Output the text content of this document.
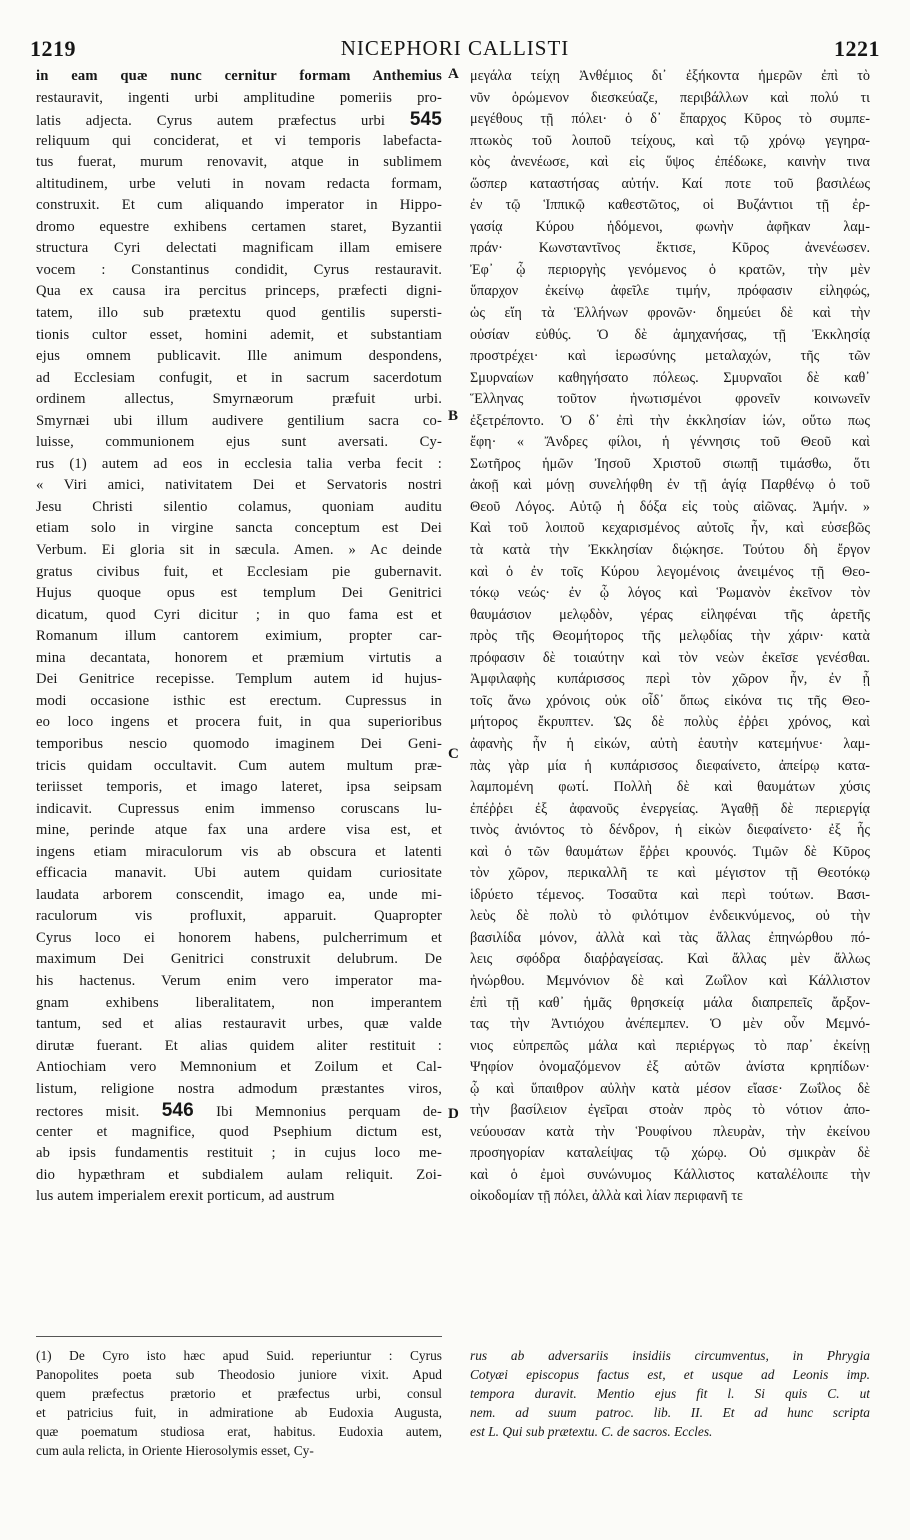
1219	NICEPHORI CALLISTI	1221
in eam quæ nunc cernitur formam Anthemius
restauravit, ingenti urbi amplitudine pomeriis pro-
latis adjecta. Cyrus autem præfectus urbi 545
reliquum qui conciderat, et vi temporis labefacta-
tus fuerat, murum renovavit, atque in sublimem
altitudinem, urbe veluti in novam redacta formam,
construxit. Et cum aliquando imperator in Hippo-
dromo equestre exhibens certamen staret, Byzantii
structura Cyri delectati magnificam illam emisere
vocem : Constantinus condidit, Cyrus restauravit.
Qua ex causa ira percitus princeps, præfecti digni-
tatem, illo sub prætextu quod gentilis supersti-
tionis cultor esset, homini ademit, et substantiam
ejus omnem publicavit. Ille animum despondens,
ad Ecclesiam confugit, et in sacrum sacerdotum
ordinem allectus, Smyrnæorum præfuit urbi.
Smyrnæi ubi illum audivere gentilium sacra co-
luisse, communionem ejus sunt aversati. Cy-
rus (1) autem ad eos in ecclesia talia verba fecit :
« Viri amici, nativitatem Dei et Servatoris nostri
Jesu Christi silentio colamus, quoniam auditu
etiam solo in virgine sancta conceptum est Dei
Verbum. Ei gloria sit in sæcula. Amen. » Ac deinde
gratus civibus fuit, et Ecclesiam pie gubernavit.
Hujus quoque opus est templum Dei Genitrici
dicatum, quod Cyri dicitur ; in quo fama est et
Romanum illum cantorem eximium, propter car-
mina decantata, honorem et præmium virtutis a
Dei Genitrice recepisse. Templum autem id hujus-
modi occasione isthic est erectum. Cupressus in
eo loco ingens et procera fuit, in qua superioribus
temporibus nescio quomodo imaginem Dei Geni-
tricis quidam occultavit. Cum autem multum præ-
teriisset temporis, et imago lateret, ipsa seipsam
indicavit. Cupressus enim immenso coruscans lu-
mine, perinde atque fax una ardere visa est, et
ingens etiam miraculorum vis ab obscura et latenti
efficacia manavit. Ubi autem quidam curiositate
laudata arborem conscendit, imago ea, unde mi-
raculorum vis profluxit, apparuit. Quapropter
Cyrus loco ei honorem habens, pulcherrimum et
maximum Dei Genitrici construxit delubrum. De
his hactenus. Verum enim vero imperator ma-
gnam exhibens liberalitatem, non imperantem
tantum, sed et alias restauravit urbes, quæ valde
dirutæ fuerant. Et alias quidem aliter restituit :
Antiochiam vero Memnonium et Zoilum et Cal-
listum, religione nostra admodum præstantes viros,
rectores misit. 546 Ibi Memnonius perquam de-
center et magnifice, quod Psephium dictum est,
ab ipsis fundamentis restituit ; in cujus loco me-
dio hypæthram et subdialem aulam reliquit. Zoi-
lus autem imperialem erexit porticum, ad austrum
A
B
C
D
μεγάλα τείχη Ἀνθέμιος δι᾽ ἐξήκοντα ἡμερῶν ἐπὶ τὸ
νῦν ὁρώμενον διεσκεύαζε, περιβάλλων καὶ πολύ τι
μεγέθους τῇ πόλει· ὁ δ᾽ ἔπαρχος Κῦρος τὸ συμπε-
πτωκὸς τοῦ λοιποῦ τείχους, καὶ τῷ χρόνῳ γεγηρα-
κὸς ἀνενέωσε, καὶ εἰς ὕψος ἐπέδωκε, καινὴν τινα
ὥσπερ καταστήσας αὐτήν. Καί ποτε τοῦ βασιλέως
ἐν τῷ Ἱππικῷ καθεστῶτος, οἱ Βυζάντιοι τῇ ἐρ-
γασίᾳ Κύρου ἡδόμενοι, φωνὴν ἀφῆκαν λαμ-
πράν· Κωνσταντῖνος ἔκτισε, Κῦρος ἀνενέωσεν.
Ἐφ᾽ ᾧ περιοργὴς γενόμενος ὁ κρατῶν, τὴν μὲν
ὕπαρχον ἐκείνῳ ἀφεῖλε τιμήν, πρόφασιν εἰληφώς,
ὡς εἴη τὰ Ἑλλήνων φρονῶν· δημεύει δὲ καὶ τὴν
οὐσίαν εὐθύς. Ὁ δὲ ἀμηχανήσας, τῇ Ἐκκλησίᾳ
προστρέχει· καὶ ἱερωσύνης μεταλαχών, τῆς τῶν
Σμυρναίων καθηγήσατο πόλεως. Σμυρναῖοι δὲ καθ᾽
Ἕλληνας τοῦτον ἠνωτισμένοι φρονεῖν κοινωνεῖν
ἐξετρέποντο. Ὁ δ᾽ ἐπὶ τὴν ἐκκλησίαν ἰών, οὕτω πως
ἔφη· « Ἄνδρες φίλοι, ἡ γέννησις τοῦ Θεοῦ καὶ
Σωτῆρος ἡμῶν Ἰησοῦ Χριστοῦ σιωπῇ τιμάσθω, ὅτι
ἀκοῇ καὶ μόνῃ συνελήφθη ἐν τῇ ἁγίᾳ Παρθένῳ ὁ τοῦ
Θεοῦ Λόγος. Αὐτῷ ἡ δόξα εἰς τοὺς αἰῶνας. Ἀμήν. »
Καὶ τοῦ λοιποῦ κεχαρισμένος αὐτοῖς ἦν, καὶ εὐσεβῶς
τὰ κατὰ τὴν Ἐκκλησίαν διῴκησε. Τούτου δὴ ἔργον
καὶ ὁ ἐν τοῖς Κύρου λεγομένοις ἀνειμένος τῇ Θεο-
τόκῳ νεώς· ἐν ᾧ λόγος καὶ Ῥωμανὸν ἐκεῖνον τὸν
θαυμάσιον μελῳδὸν, γέρας εἰληφέναι τῆς ἀρετῆς
πρὸς τῆς Θεομήτορος τῆς μελῳδίας τὴν χάριν· κατὰ
πρόφασιν δὲ τοιαύτην καὶ τὸν νεὼν ἐκεῖσε γενέσθαι.
Ἀμφιλαφὴς κυπάρισσος περὶ τὸν χῶρον ἦν, ἐν ᾗ
τοῖς ἄνω χρόνοις οὐκ οἶδ᾽ ὅπως εἰκόνα τις τῆς Θεο-
μήτορος ἔκρυπτεν. Ὡς δὲ πολὺς ἐῤῥει χρόνος, καὶ
ἀφανὴς ἦν ἡ εἰκών, αὐτὴ ἑαυτὴν κατεμήνυε· λαμ-
πὰς γὰρ μία ἡ κυπάρισσος διεφαίνετο, ἀπείρῳ κατα-
λαμπομένη φωτί. Πολλὴ δὲ καὶ θαυμάτων χύσις
ἐπέῤῥει ἐξ ἀφανοῦς ἐνεργείας. Ἀγαθῇ δὲ περιεργίᾳ
τινὸς ἀνιόντος τὸ δένδρον, ἡ εἰκὼν διεφαίνετο· ἐξ ἧς
καὶ ὁ τῶν θαυμάτων ἔῤῥει κρουνός. Τιμῶν δὲ Κῦρος
τὸν χῶρον, περικαλλῆ τε καὶ μέγιστον τῇ Θεοτόκῳ
ἱδρύετο τέμενος. Τοσαῦτα καὶ περὶ τούτων. Βασι-
λεὺς δὲ πολὺ τὸ φιλότιμον ἐνδεικνύμενος, οὐ τὴν
βασιλίδα μόνον, ἀλλὰ καὶ τὰς ἄλλας ἐπηνώρθου πό-
λεις σφόδρα διαῤῥαγείσας. Καὶ ἄλλας μὲν ἄλλως
ἠνώρθου. Μεμνόνιον δὲ καὶ Ζωΐλον καὶ Κάλλιστον
ἐπὶ τῇ καθ᾽ ἡμᾶς θρησκείᾳ μάλα διαπρεπεῖς ἄρξον-
τας τὴν Ἀντιόχου ἀνέπεμπεν. Ὁ μὲν οὖν Μεμνό-
νιος εὐπρεπῶς μάλα καὶ περιέργως τὸ παρ᾽ ἐκείνῃ
Ψηφίον ὀνομαζόμενον ἐξ αὐτῶν ἀνίστα κρηπίδων·
ᾧ καὶ ὕπαιθρον αὐλὴν κατὰ μέσον εἴασε· Ζωΐλος δὲ
τὴν βασίλειον ἐγεῖραι στοὰν πρὸς τὸ νότιον ἀπο-
νεύουσαν κατὰ τὴν Ῥουφίνου πλευρὰν, τὴν ἐκείνου
προσηγορίαν καταλείψας τῷ χώρῳ. Οὐ σμικρὰν δὲ
καὶ ὁ ἐμοὶ συνώνυμος Κάλλιστος καταλέλοιπε τὴν
οἰκοδομίαν τῇ πόλει, ἀλλὰ καὶ λίαν περιφανῆ τε
(1) De Cyro isto hæc apud Suid. reperiuntur : Cyrus
Panopolites poeta sub Theodosio juniore vixit. Apud
quem præfectus prætorio et præfectus urbi, consul
et patricius fuit, in admiratione ab Eudoxia Augusta,
quæ poematum studiosa erat, habitus. Eudoxia autem,
cum aula relicta, in Oriente Hierosolymis esset, Cy-
rus ab adversariis insidiis circumventus, in Phrygia
Cotyæi episcopus factus est, et usque ad Leonis imp.
tempora duravit. Mentio ejus fit l. Si quis C. ut
nem. ad suum patroc. lib. II. Et ad hunc scripta
est L. Qui sub prætextu. C. de sacros. Eccles.
